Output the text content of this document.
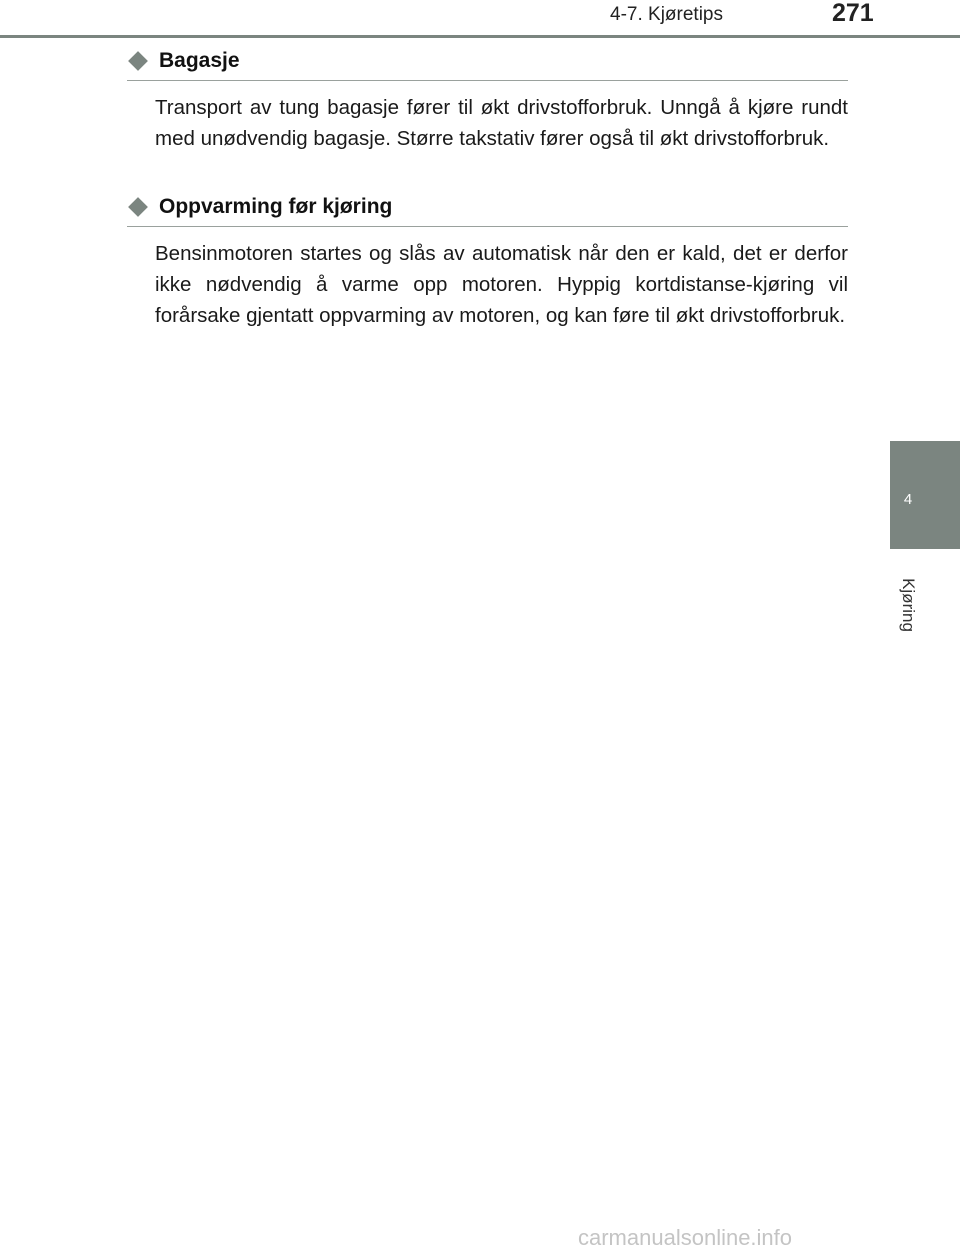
4-7. Kjøretips	271
4
Kjøring
Bagasje
Transport av tung bagasje fører til økt drivstofforbruk. Unngå å kjøre rundt med unødvendig bagasje. Større takstativ fører også til økt drivstofforbruk.
Oppvarming før kjøring
Bensinmotoren startes og slås av automatisk når den er kald, det er derfor ikke nødvendig å varme opp motoren. Hyppig kortdistanse-kjøring vil forårsake gjentatt oppvarming av motoren, og kan føre til økt drivstofforbruk.
carmanualsonline.info
